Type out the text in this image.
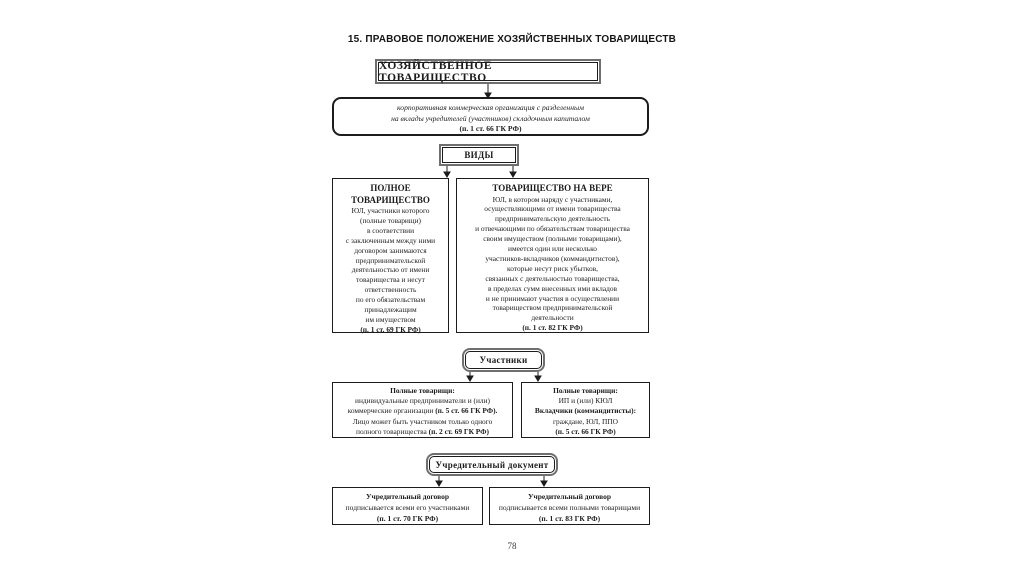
15. ПРАВОВОЕ ПОЛОЖЕНИЕ ХОЗЯЙСТВЕННЫХ ТОВАРИЩЕСТВ
ХОЗЯЙСТВЕННОЕ ТОВАРИЩЕСТВО
корпоративная коммерческая организация с разделенным
на вклады учредителей (участников) складочным капиталом
(п. 1 ст. 66 ГК РФ)
ВИДЫ
ПОЛНОЕ
ТОВАРИЩЕСТВО
ЮЛ, участники которого
(полные товарищи)
в соответствии
с заключенным между ними
договором занимаются
предпринимательской
деятельностью от имени
товарищества и несут
ответственность
по его обязательствам
принадлежащим
им имуществом
(п. 1 ст. 69 ГК РФ)
ТОВАРИЩЕСТВО НА ВЕРЕ
ЮЛ, в котором наряду с участниками,
осуществляющими от имени товарищества
предпринимательскую деятельность
и отвечающими по обязательствам товарищества
своим имуществом (полными товарищами),
имеется один или несколько
участников-вкладчиков (коммандитистов),
которые несут риск убытков,
связанных с деятельностью товарищества,
в пределах сумм внесенных ими вкладов
и не принимают участия в осуществлении
товариществом предпринимательской
деятельности
(п. 1 ст. 82 ГК РФ)
Участники
Полные товарищи:
индивидуальные предприниматели и (или)
коммерческие организации (п. 5 ст. 66 ГК РФ).
Лицо может быть участником только одного
полного товарищества (п. 2 ст. 69 ГК РФ)
Полные товарищи:
ИП и (или) КЮЛ
Вкладчики (коммандитисты):
граждане, ЮЛ, ППО
(п. 5 ст. 66 ГК РФ)
Учредительный документ
Учредительный договор
подписывается всеми его участниками
(п. 1 ст. 70 ГК РФ)
Учредительный договор
подписывается всеми полными товарищами
(п. 1 ст. 83 ГК РФ)
78
